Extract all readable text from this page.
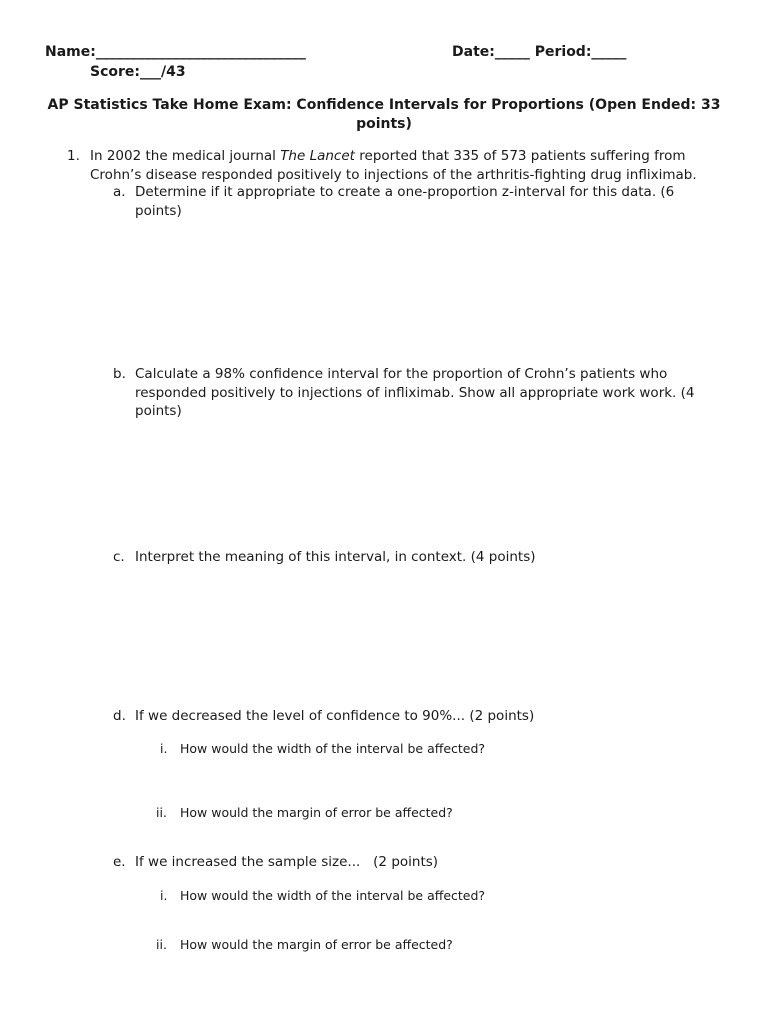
Name:______________________________	Date:_____ Period:_____
Score:___/43
AP Statistics Take Home Exam: Confidence Intervals for Proportions (Open Ended: 33 points)
1. In 2002 the medical journal The Lancet reported that 335 of 573 patients suffering from Crohn’s disease responded positively to injections of the arthritis-fighting drug infliximab.
a. Determine if it appropriate to create a one-proportion z-interval for this data. (6 points)
b. Calculate a 98% confidence interval for the proportion of Crohn’s patients who responded positively to injections of infliximab. Show all appropriate work work. (4 points)
c. Interpret the meaning of this interval, in context. (4 points)
d. If we decreased the level of confidence to 90%... (2 points)
i. How would the width of the interval be affected?
ii. How would the margin of error be affected?
e. If we increased the sample size...   (2 points)
i. How would the width of the interval be affected?
ii. How would the margin of error be affected?
